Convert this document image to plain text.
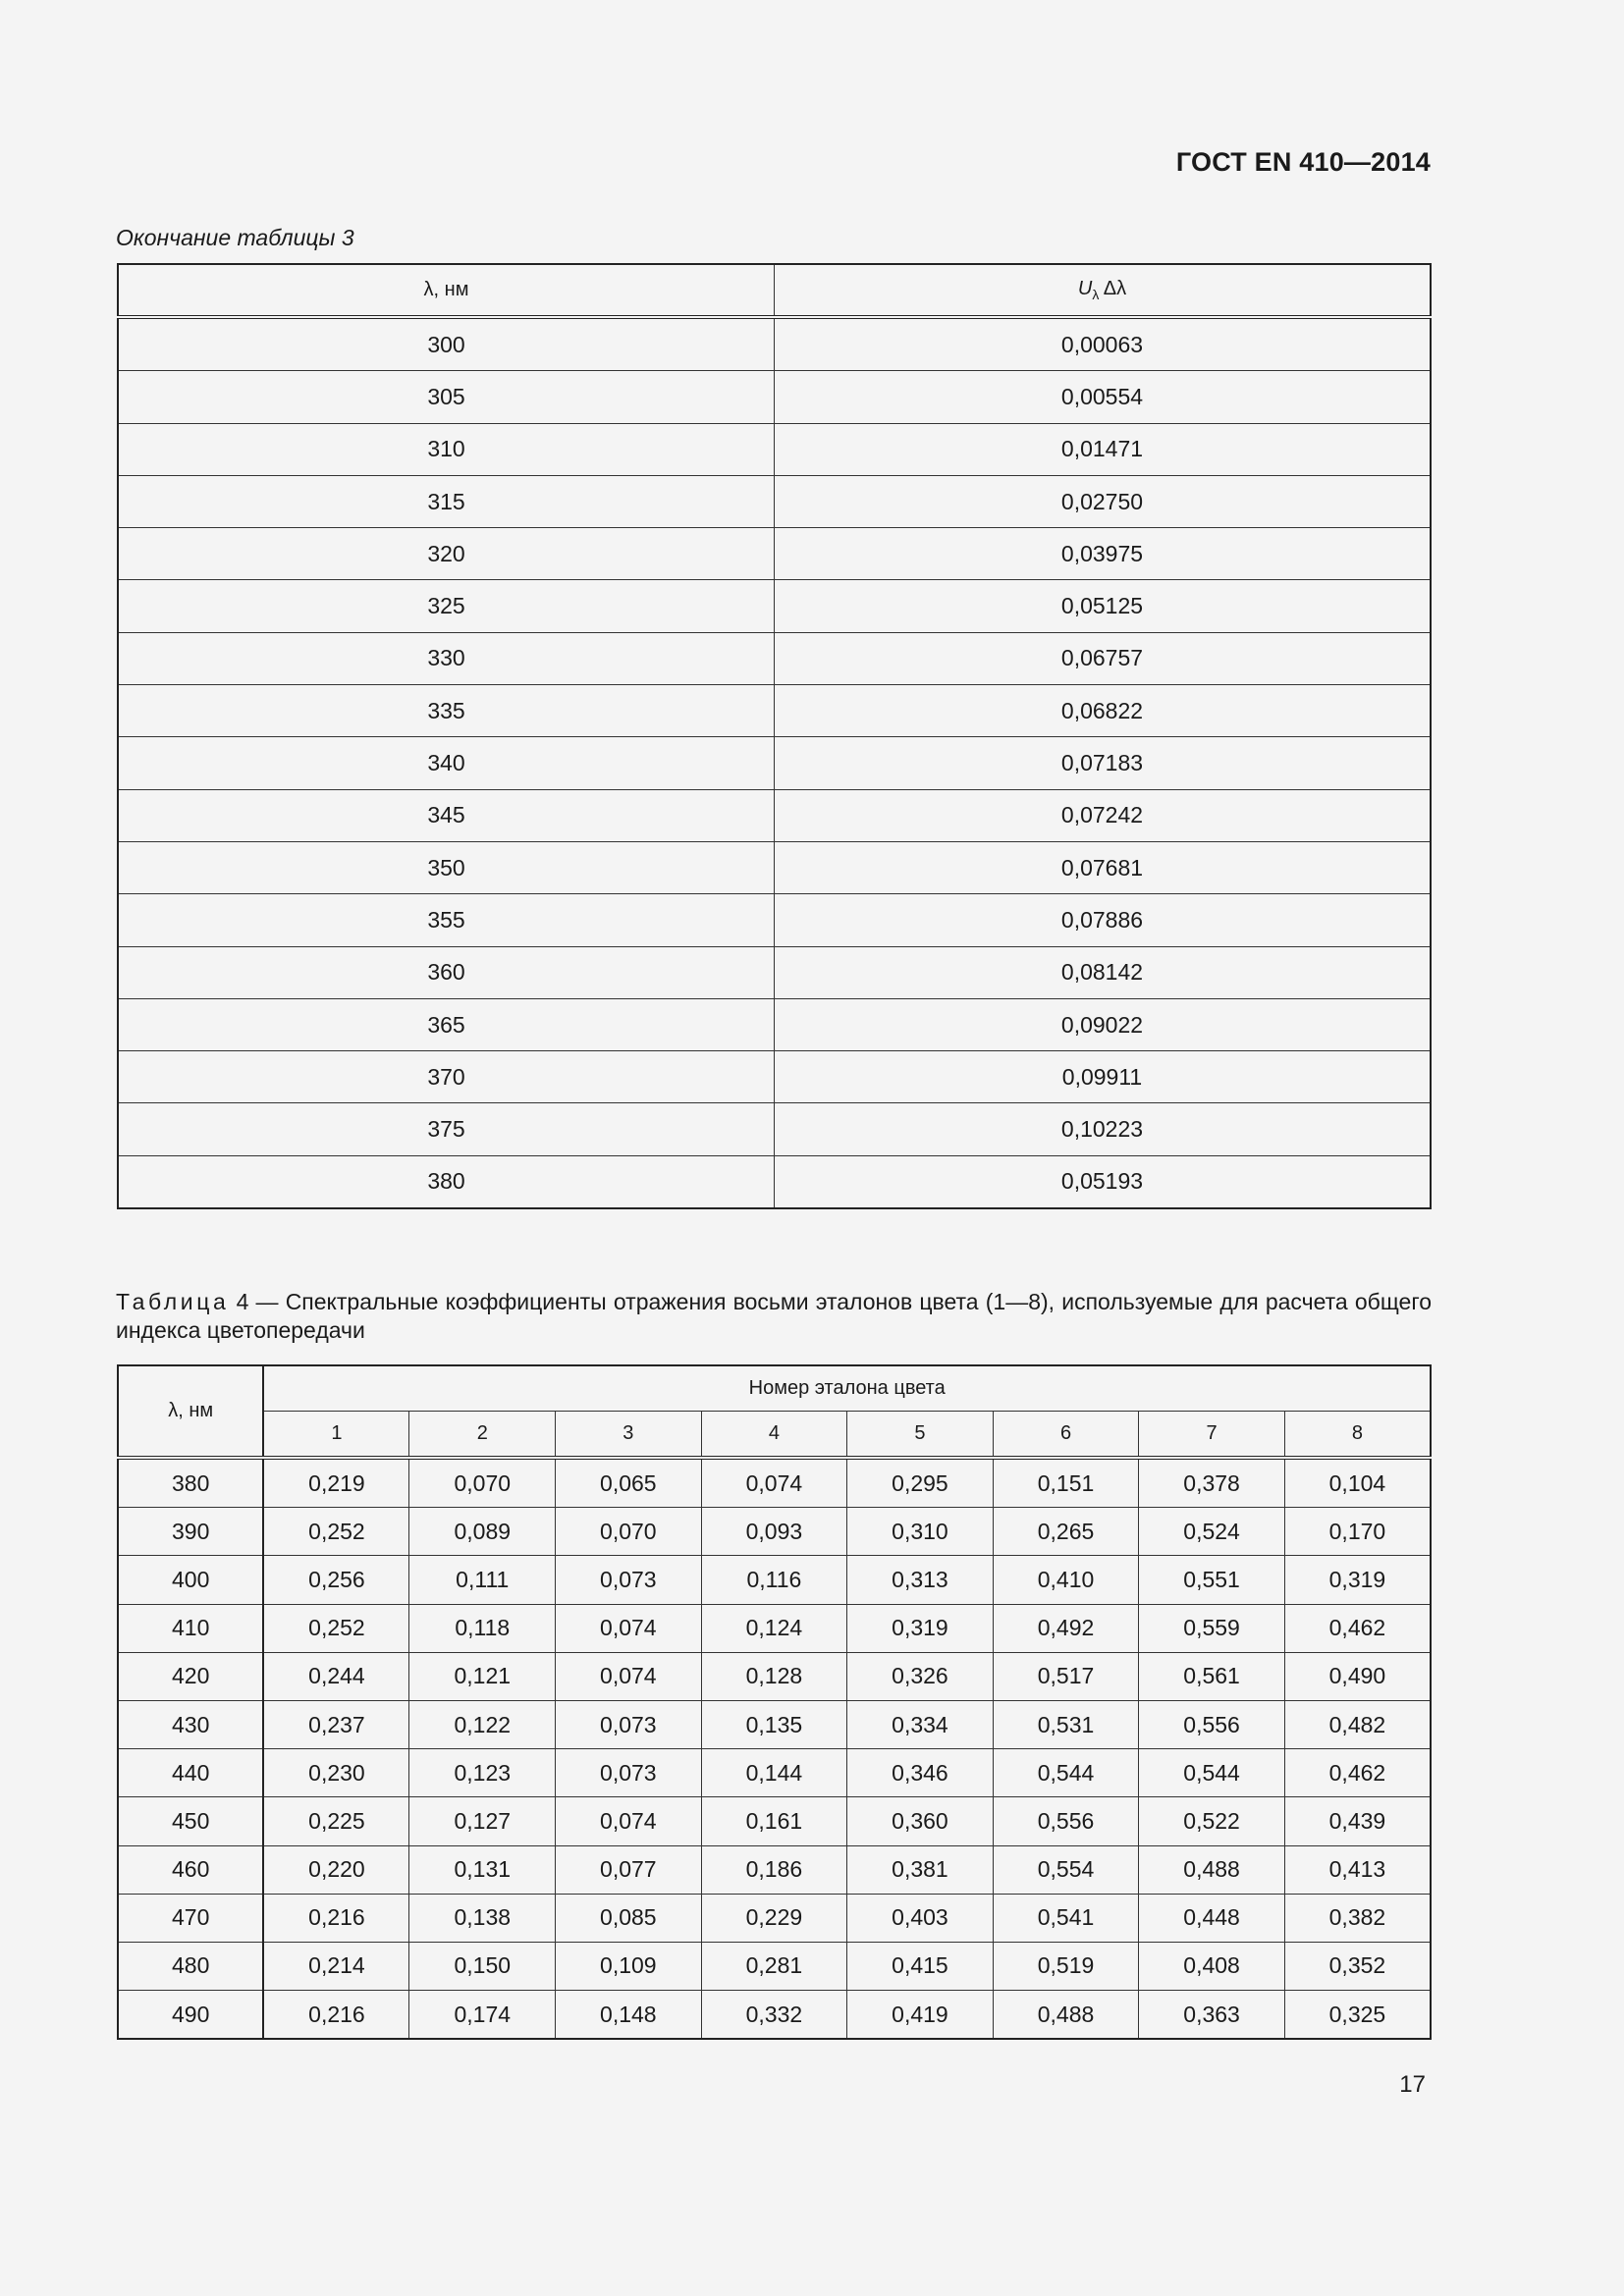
ГОСТ EN 410—2014
Окончание таблицы 3
λ, нм	$U_\lambda$ Δλ
300	0,00063
305	0,00554
310	0,01471
315	0,02750
320	0,03975
325	0,05125
330	0,06757
335	0,06822
340	0,07183
345	0,07242
350	0,07681
355	0,07886
360	0,08142
365	0,09022
370	0,09911
375	0,10223
380	0,05193
Таблица 4 — Спектральные коэффициенты отражения восьми эталонов цвета (1—8), используемые для расчета общего индекса цветопередачи
λ, нм	Номер эталона цвета							
	1	2	3	4	5	6	7	8
380	0,219	0,070	0,065	0,074	0,295	0,151	0,378	0,104
390	0,252	0,089	0,070	0,093	0,310	0,265	0,524	0,170
400	0,256	0,111	0,073	0,116	0,313	0,410	0,551	0,319
410	0,252	0,118	0,074	0,124	0,319	0,492	0,559	0,462
420	0,244	0,121	0,074	0,128	0,326	0,517	0,561	0,490
430	0,237	0,122	0,073	0,135	0,334	0,531	0,556	0,482
440	0,230	0,123	0,073	0,144	0,346	0,544	0,544	0,462
450	0,225	0,127	0,074	0,161	0,360	0,556	0,522	0,439
460	0,220	0,131	0,077	0,186	0,381	0,554	0,488	0,413
470	0,216	0,138	0,085	0,229	0,403	0,541	0,448	0,382
480	0,214	0,150	0,109	0,281	0,415	0,519	0,408	0,352
490	0,216	0,174	0,148	0,332	0,419	0,488	0,363	0,325
17
